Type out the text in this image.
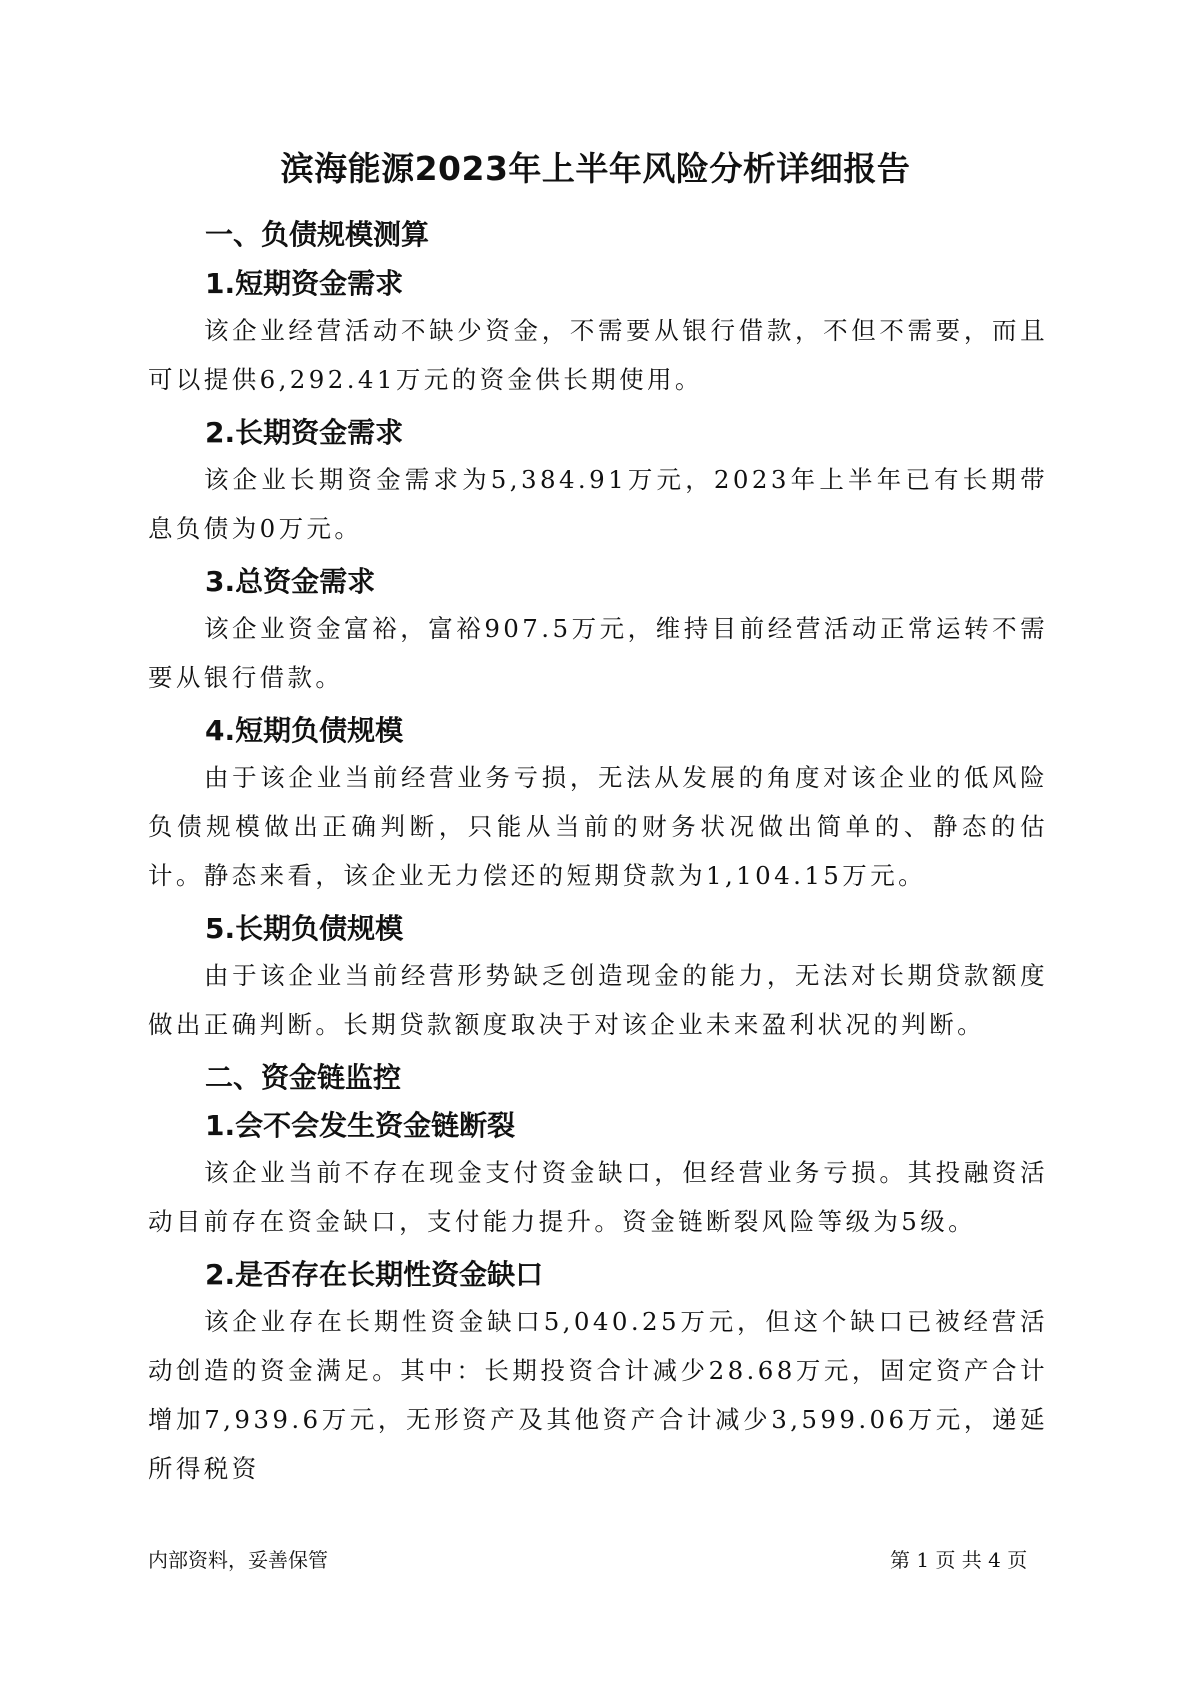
滨海能源2023年上半年风险分析详细报告
一、负债规模测算
1.短期资金需求
该企业经营活动不缺少资金，不需要从银行借款，不但不需要，而且可以提供6,292.41万元的资金供长期使用。
2.长期资金需求
该企业长期资金需求为5,384.91万元，2023年上半年已有长期带息负债为0万元。
3.总资金需求
该企业资金富裕，富裕907.5万元，维持目前经营活动正常运转不需要从银行借款。
4.短期负债规模
由于该企业当前经营业务亏损，无法从发展的角度对该企业的低风险负债规模做出正确判断，只能从当前的财务状况做出简单的、静态的估计。静态来看，该企业无力偿还的短期贷款为1,104.15万元。
5.长期负债规模
由于该企业当前经营形势缺乏创造现金的能力，无法对长期贷款额度做出正确判断。长期贷款额度取决于对该企业未来盈利状况的判断。
二、资金链监控
1.会不会发生资金链断裂
该企业当前不存在现金支付资金缺口，但经营业务亏损。其投融资活动目前存在资金缺口，支付能力提升。资金链断裂风险等级为5级。
2.是否存在长期性资金缺口
该企业存在长期性资金缺口5,040.25万元，但这个缺口已被经营活动创造的资金满足。其中：长期投资合计减少28.68万元，固定资产合计增加7,939.6万元，无形资产及其他资产合计减少3,599.06万元，递延所得税资
内部资料，妥善保管	第 1 页 共 4 页
